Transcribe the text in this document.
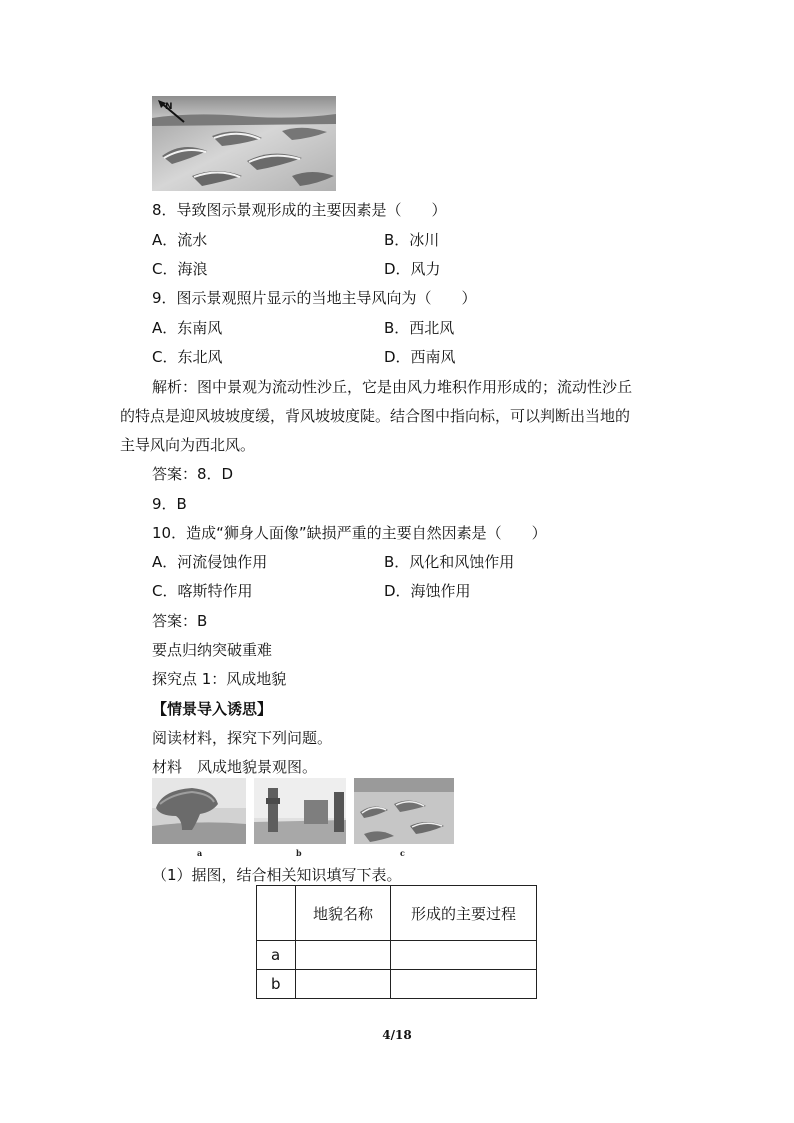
N
8．导致图示景观形成的主要因素是（　　）
A．流水	B．冰川
C．海浪	D．风力
9．图示景观照片显示的当地主导风向为（　　）
A．东南风	B．西北风
C．东北风	D．西南风
解析：图中景观为流动性沙丘，它是由风力堆积作用形成的；流动性沙丘
的特点是迎风坡坡度缓，背风坡坡度陡。结合图中指向标，可以判断出当地的
主导风向为西北风。
答案：8．D
9．B
10．造成“狮身人面像”缺损严重的主要自然因素是（　　）
A．河流侵蚀作用	B．风化和风蚀作用
C．喀斯特作用	D．海蚀作用
答案：B
要点归纳突破重难
探究点 1：风成地貌
【情景导入诱思】
阅读材料，探究下列问题。
材料　风成地貌景观图。
a	b	c
（1）据图，结合相关知识填写下表。
	地貌名称	形成的主要过程
a		
b		
4/18
